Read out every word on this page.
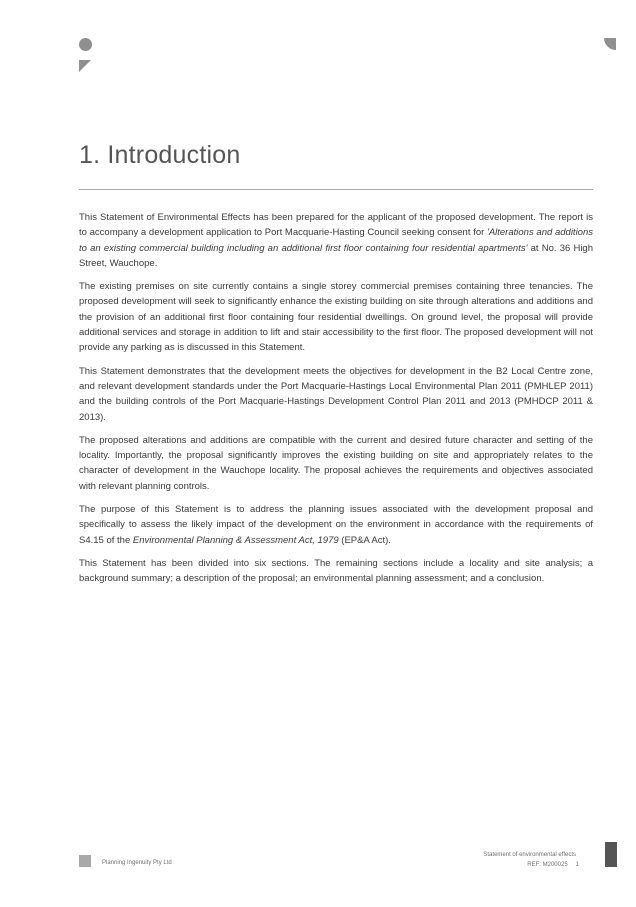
1. Introduction

This Statement of Environmental Effects has been prepared for the applicant of the proposed development. The report is to accompany a development application to Port Macquarie-Hasting Council seeking consent for 'Alterations and additions to an existing commercial building including an additional first floor containing four residential apartments' at No. 36 High Street, Wauchope.

The existing premises on site currently contains a single storey commercial premises containing three tenancies. The proposed development will seek to significantly enhance the existing building on site through alterations and additions and the provision of an additional first floor containing four residential dwellings. On ground level, the proposal will provide additional services and storage in addition to lift and stair accessibility to the first floor. The proposed development will not provide any parking as is discussed in this Statement.

This Statement demonstrates that the development meets the objectives for development in the B2 Local Centre zone, and relevant development standards under the Port Macquarie-Hastings Local Environmental Plan 2011 (PMHLEP 2011) and the building controls of the Port Macquarie-Hastings Development Control Plan 2011 and 2013 (PMHDCP 2011 & 2013).

The proposed alterations and additions are compatible with the current and desired future character and setting of the locality. Importantly, the proposal significantly improves the existing building on site and appropriately relates to the character of development in the Wauchope locality. The proposal achieves the requirements and objectives associated with relevant planning controls.

The purpose of this Statement is to address the planning issues associated with the development proposal and specifically to assess the likely impact of the development on the environment in accordance with the requirements of S4.15 of the Environmental Planning & Assessment Act, 1979 (EP&A Act).

This Statement has been divided into six sections. The remaining sections include a locality and site analysis; a background summary; a description of the proposal; an environmental planning assessment; and a conclusion.

Planning Ingenuity Pty Ltd
Statement of environmental effects
REF: M200025 1
